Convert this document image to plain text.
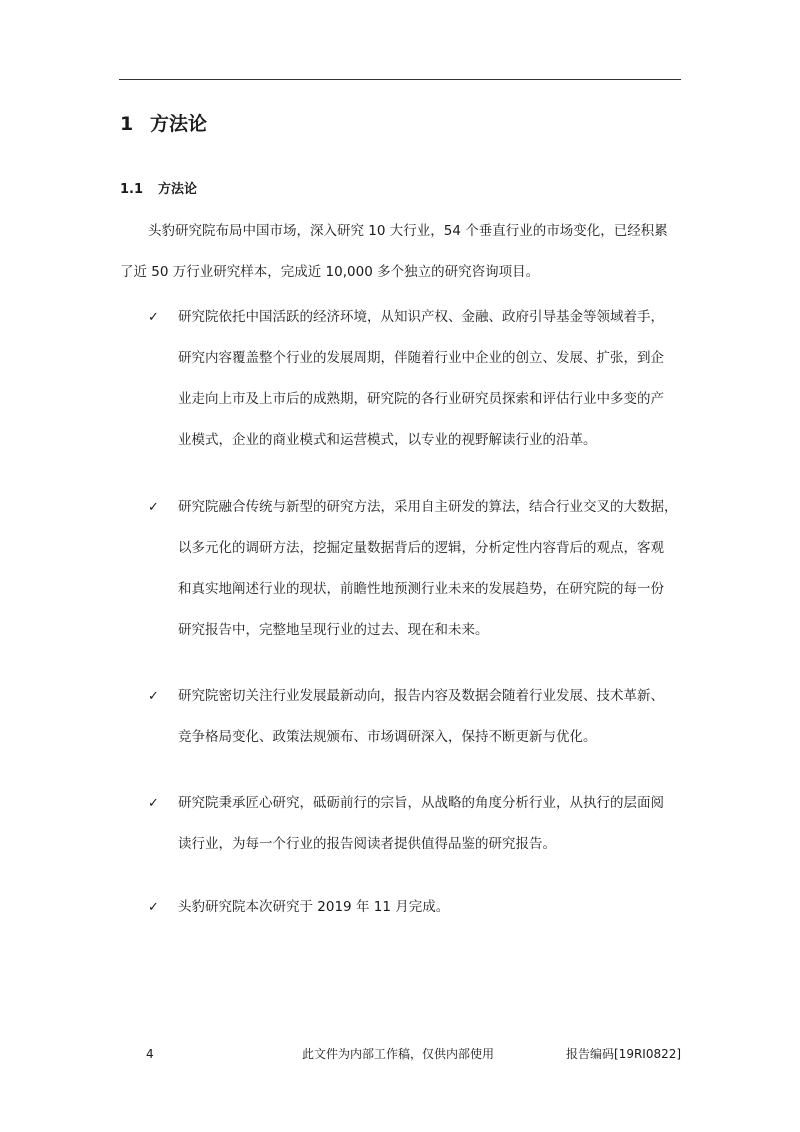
1 方法论
1.1 方法论
头豹研究院布局中国市场，深入研究 10 大行业，54 个垂直行业的市场变化，已经积累
了近 50 万行业研究样本，完成近 10,000 多个独立的研究咨询项目。
✓	研究院依托中国活跃的经济环境，从知识产权、金融、政府引导基金等领域着手，
研究内容覆盖整个行业的发展周期，伴随着行业中企业的创立、发展、扩张，到企
业走向上市及上市后的成熟期，研究院的各行业研究员探索和评估行业中多变的产
业模式，企业的商业模式和运营模式，以专业的视野解读行业的沿革。
✓	研究院融合传统与新型的研究方法，采用自主研发的算法，结合行业交叉的大数据，
以多元化的调研方法，挖掘定量数据背后的逻辑，分析定性内容背后的观点，客观
和真实地阐述行业的现状，前瞻性地预测行业未来的发展趋势，在研究院的每一份
研究报告中，完整地呈现行业的过去、现在和未来。
✓	研究院密切关注行业发展最新动向，报告内容及数据会随着行业发展、技术革新、
竞争格局变化、政策法规颁布、市场调研深入，保持不断更新与优化。
✓	研究院秉承匠心研究，砥砺前行的宗旨，从战略的角度分析行业，从执行的层面阅
读行业，为每一个行业的报告阅读者提供值得品鉴的研究报告。
✓	头豹研究院本次研究于 2019 年 11 月完成。
4	此文件为内部工作稿，仅供内部使用	报告编码[19RI0822]
